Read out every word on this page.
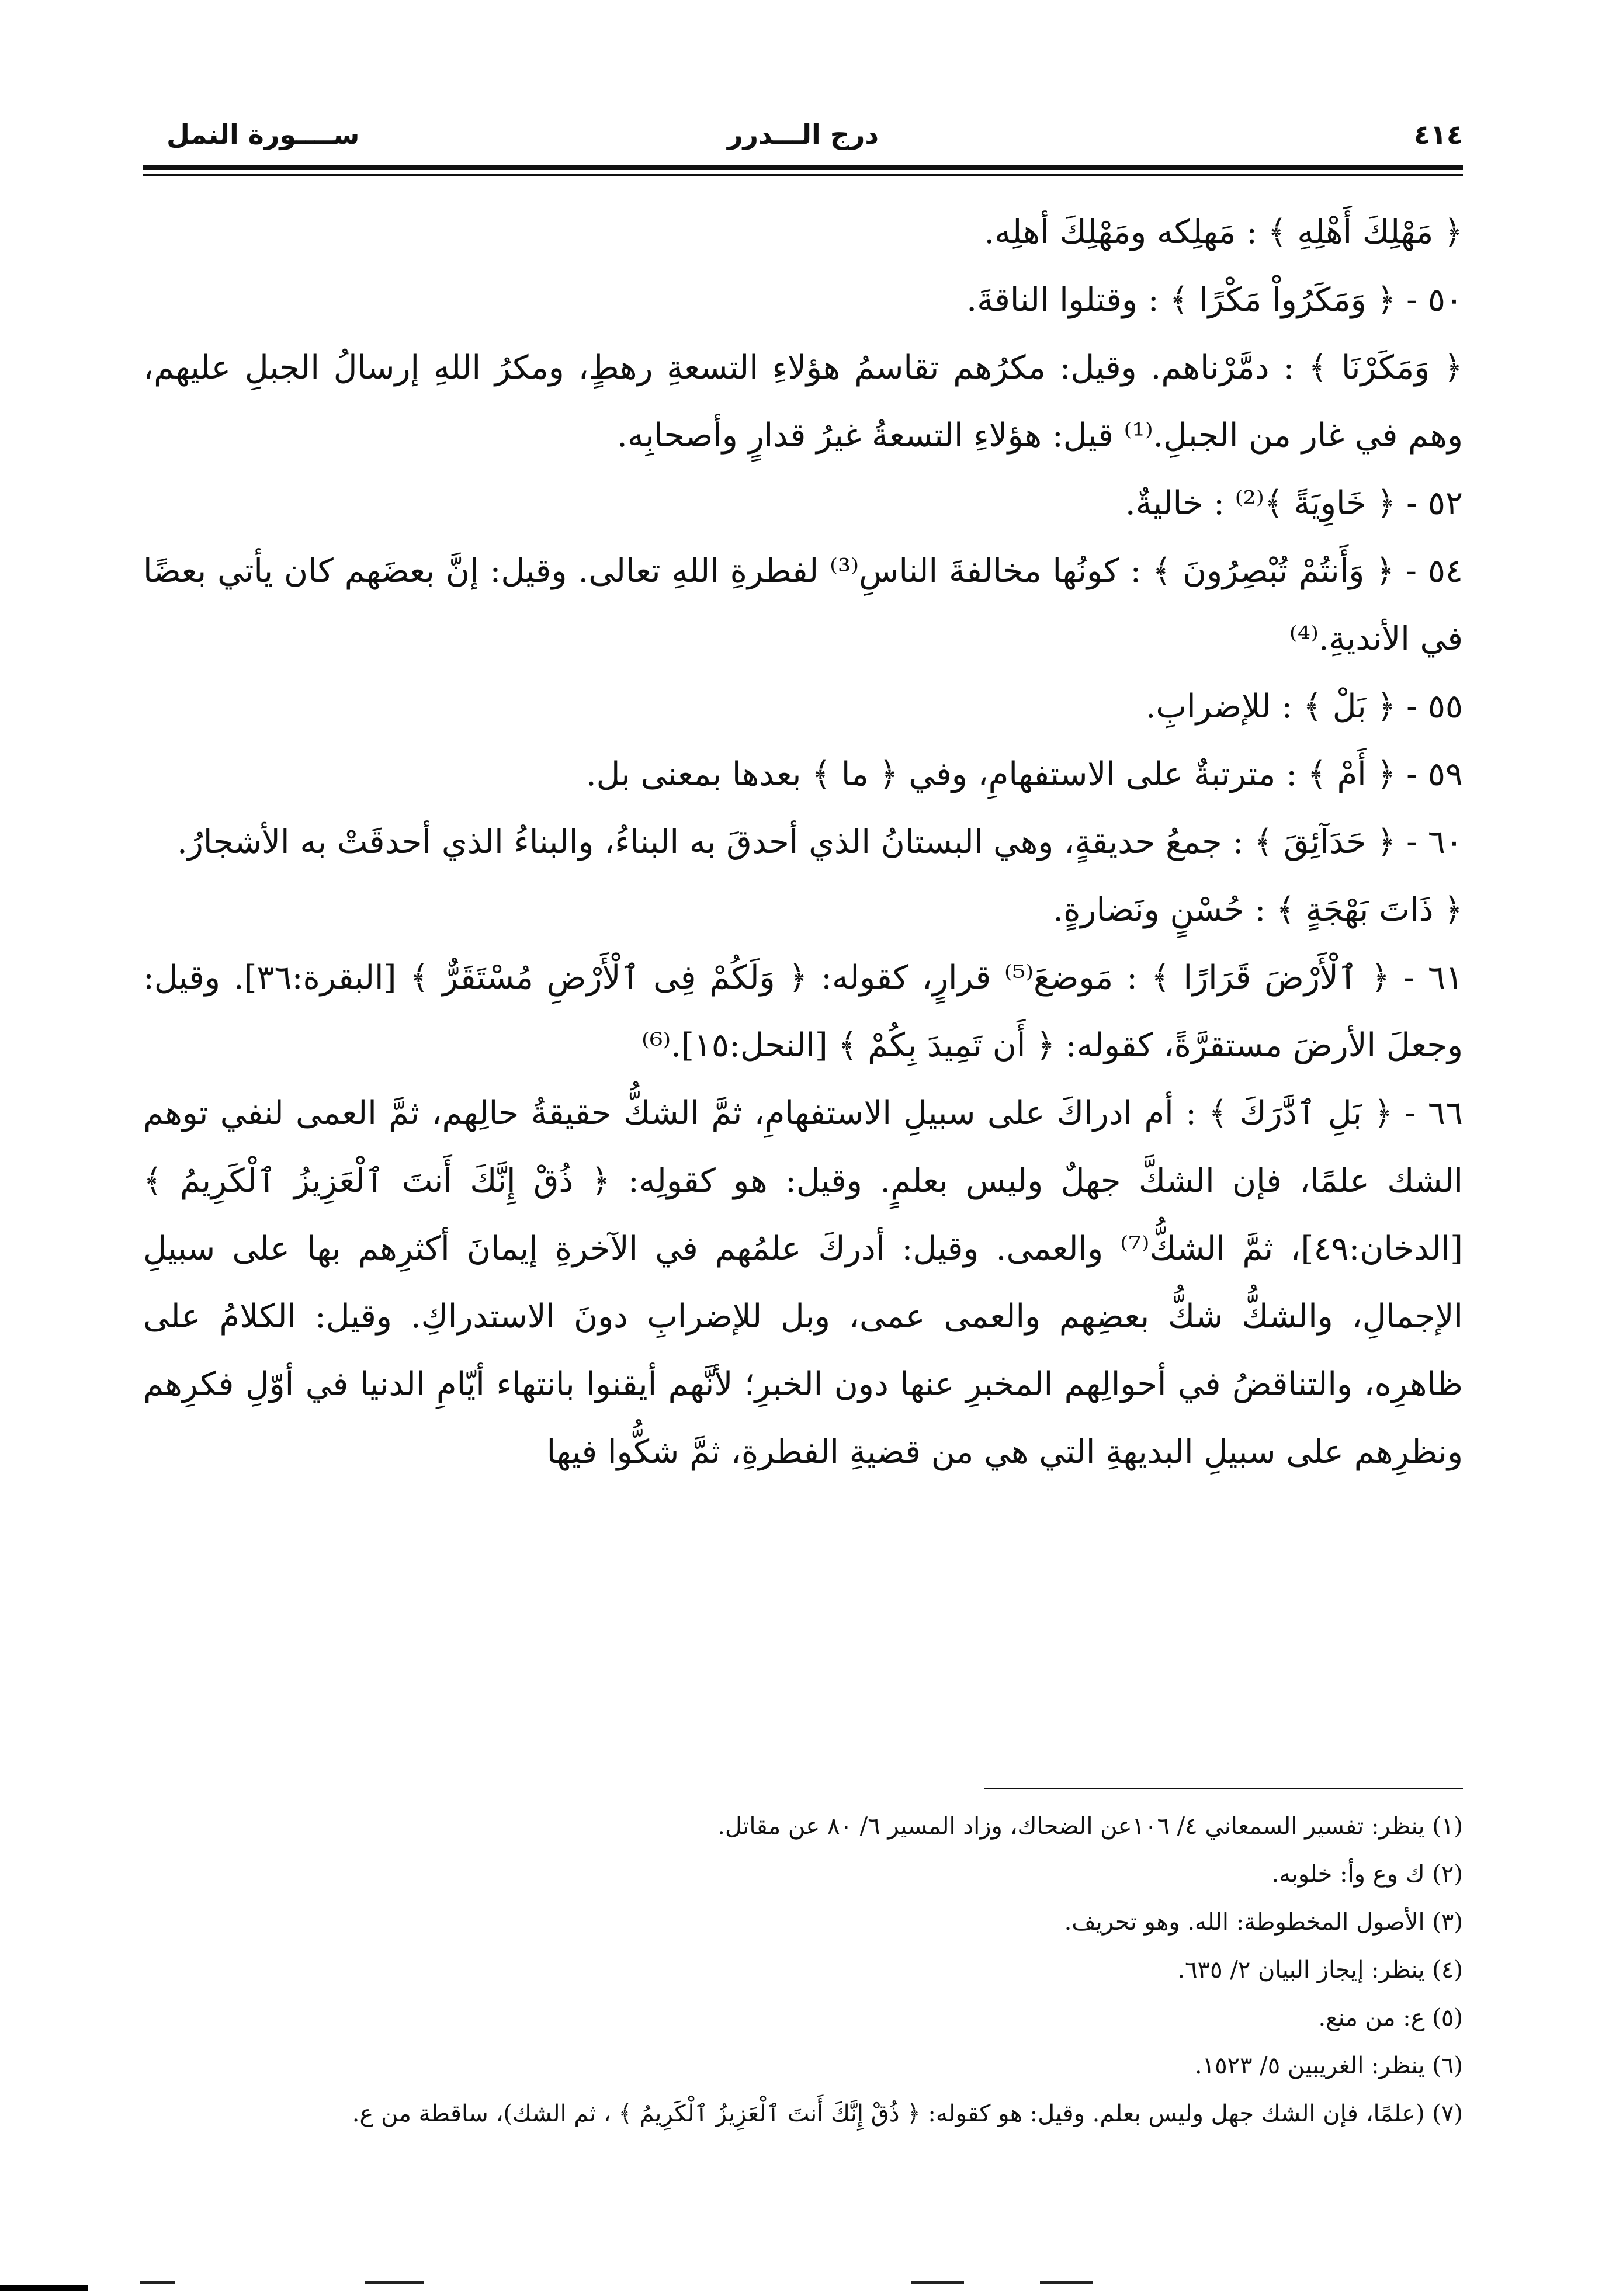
٤١٤
درج الـــدرر
ســــورة النمل

﴿ مَهْلِكَ أَهْلِهِ ﴾ : مَهلِكه ومَهْلِكَ أهلِه.

٥٠ - ﴿ وَمَكَرُواْ مَكْرًا ﴾ : وقتلوا الناقةَ.

﴿ وَمَكَرْنَا ﴾ : دمَّرْناهم. وقيل: مكرُهم تقاسمُ هؤلاءِ التسعةِ رهطٍ، ومكرُ اللهِ إرسالُ الجبلِ عليهم، وهم في غار من الجبلِ.⁽¹⁾ قيل: هؤلاءِ التسعةُ غيرُ قدارٍ وأصحابِه.

٥٢ - ﴿ خَاوِيَةً ﴾⁽²⁾ : خاليةٌ.

٥٤ - ﴿ وَأَنتُمْ تُبْصِرُونَ ﴾ : كونُها مخالفةَ الناسِ⁽³⁾ لفطرةِ اللهِ تعالى. وقيل: إنَّ بعضَهم كان يأتي بعضًا في الأنديةِ.⁽⁴⁾

٥٥ - ﴿ بَلْ ﴾ : للإضرابِ.

٥٩ - ﴿ أَمْ ﴾ : مترتبةٌ على الاستفهامِ، وفي ﴿ ما ﴾ بعدها بمعنى بل.

٦٠ - ﴿ حَدَآئِقَ ﴾ : جمعُ حديقةٍ، وهي البستانُ الذي أحدقَ به البناءُ، والبناءُ الذي أحدقَتْ به الأشجارُ.

﴿ ذَاتَ بَهْجَةٍ ﴾ : حُسْنٍ ونَضارةٍ.

٦١ - ﴿ ٱلْأَرْضَ قَرَارًا ﴾ : مَوضعَ⁽⁵⁾ قرارٍ، كقوله: ﴿ وَلَكُمْ فِى ٱلْأَرْضِ مُسْتَقَرٌّ ﴾ [البقرة:٣٦]. وقيل: وجعلَ الأرضَ مستقرَّةً، كقوله: ﴿ أَن تَمِيدَ بِكُمْ ﴾ [النحل:١٥].⁽⁶⁾

٦٦ - ﴿ بَلِ ٱدَّٰرَكَ ﴾ : أم ادراكَ على سبيلِ الاستفهامِ، ثمَّ الشكُّ حقيقةُ حالِهم، ثمَّ العمى لنفي توهم الشك علمًا، فإن الشكَّ جهلٌ وليس بعلمٍ. وقيل: هو كقولِه: ﴿ ذُقْ إِنَّكَ أَنتَ ٱلْعَزِيزُ ٱلْكَرِيمُ ﴾ [الدخان:٤٩]، ثمَّ الشكُّ⁽⁷⁾ والعمى. وقيل: أدركَ علمُهم في الآخرةِ إيمانَ أكثرِهم بها على سبيلِ الإجمالِ، والشكُّ شكُّ بعضِهم والعمى عمى، وبل للإضرابِ دونَ الاستدراكِ. وقيل: الكلامُ على ظاهرِه، والتناقضُ في أحوالِهم المخبرِ عنها دون الخبرِ؛ لأنَّهم أيقنوا بانتهاء أيّامِ الدنيا في أوّلِ فكرِهم ونظرِهم على سبيلِ البديهةِ التي هي من قضيةِ الفطرةِ، ثمَّ شكُّوا فيها

(١) ينظر: تفسير السمعاني ٤/ ١٠٦عن الضحاك، وزاد المسير ٦/ ٨٠ عن مقاتل.

(٢) ك وع وأ: خلوبه.

(٣) الأصول المخطوطة: الله. وهو تحريف.

(٤) ينظر: إيجاز البيان ٢/ ٦٣٥.

(٥) ع: من منع.

(٦) ينظر: الغريبين ٥/ ١٥٢٣.

(٧) (علمًا، فإن الشك جهل وليس بعلم. وقيل: هو كقوله: ﴿ ذُقْ إِنَّكَ أَنتَ ٱلْعَزِيزُ ٱلْكَرِيمُ ﴾ ، ثم الشك)، ساقطة من ع.
